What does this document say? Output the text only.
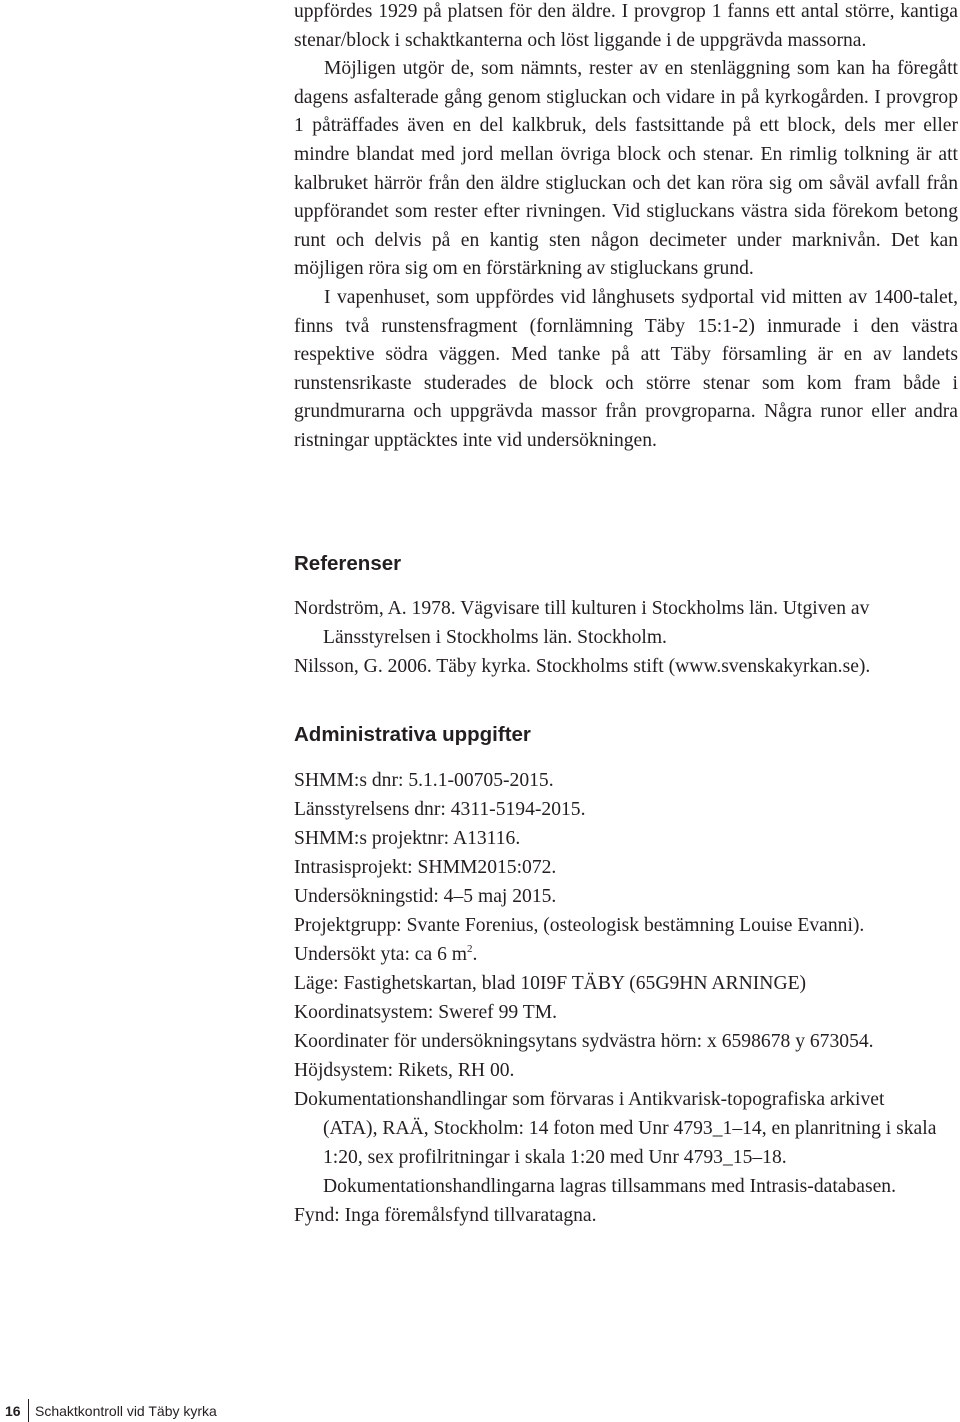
uppfördes 1929 på platsen för den äldre. I provgrop 1 fanns ett antal större, kantiga stenar/block i schaktkanterna och löst liggande i de uppgrävda massorna.

Möjligen utgör de, som nämnts, rester av en stenläggning som kan ha föregått dagens asfalterade gång genom stigluckan och vidare in på kyrkogården. I provgrop 1 påträffades även en del kalkbruk, dels fastsittande på ett block, dels mer eller mindre blandat med jord mellan övriga block och stenar. En rimlig tolkning är att kalbruket härrör från den äldre stigluckan och det kan röra sig om såväl avfall från uppförandet som rester efter rivningen. Vid stigluckans västra sida förekom betong runt och delvis på en kantig sten någon decimeter under marknivån. Det kan möjligen röra sig om en förstärkning av stigluckans grund.

I vapenhuset, som uppfördes vid långhusets sydportal vid mitten av 1400-talet, finns två runstensfragment (fornlämning Täby 15:1-2) inmurade i den västra respektive södra väggen. Med tanke på att Täby församling är en av landets runstensrikaste studerades de block och större stenar som kom fram både i grundmurarna och uppgrävda massor från provgroparna. Några runor eller andra ristningar upptäcktes inte vid undersökningen.

Referenser
Nordström, A. 1978. Vägvisare till kulturen i Stockholms län. Utgiven av Länsstyrelsen i Stockholms län. Stockholm.
Nilsson, G. 2006. Täby kyrka. Stockholms stift (www.svenskakyrkan.se).
Administrativa uppgifter
SHMM:s dnr: 5.1.1-00705-2015.
Länsstyrelsens dnr: 4311-5194-2015.
SHMM:s projektnr: A13116.
Intrasisprojekt: SHMM2015:072.
Undersökningstid: 4–5 maj 2015.
Projektgrupp: Svante Forenius, (osteologisk bestämning Louise Evanni).
Undersökt yta: ca 6 $m^2$.
Läge: Fastighetskartan, blad 10I9F TÄBY (65G9HN ARNINGE)
Koordinatsystem: Sweref 99 TM.
Koordinater för undersökningsytans sydvästra hörn: x 6598678 y 673054.
Höjdsystem: Rikets, RH 00.
Dokumentationshandlingar som förvaras i Antikvarisk-topografiska arkivet (ATA), RAÄ, Stockholm: 14 foton med Unr 4793_1–14, en planritning i skala 1:20, sex profilritningar i skala 1:20 med Unr 4793_15–18. Dokumentationshandlingarna lagras tillsammans med Intrasis-databasen.
Fynd: Inga föremålsfynd tillvaratagna.
16 Schaktkontroll vid Täby kyrka
